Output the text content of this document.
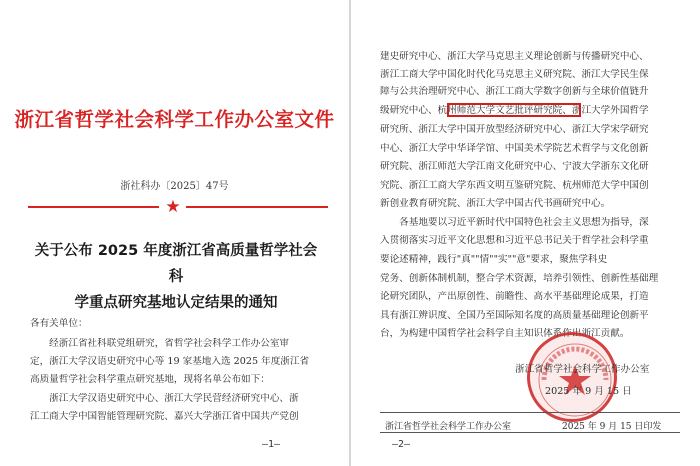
浙江省哲学社会科学工作办公室文件
浙社科办〔2025〕47号
★
关于公布 2025 年度浙江省高质量哲学社会科
学重点研究基地认定结果的通知
各有关单位：
　　经浙江省社科联党组研究，省哲学社会科学工作办公室审
定，浙江大学汉语史研究中心等 19 家基地入选 2025 年度浙江省
高质量哲学社会科学重点研究基地，现将名单公布如下：
　　浙江大学汉语史研究中心、浙江大学民营经济研究中心、浙
江工商大学中国智能管理研究院、嘉兴大学浙江省中国共产党创
—1—
建史研究中心、浙江大学马克思主义理论创新与传播研究中心、
浙江工商大学中国化时代化马克思主义研究院、浙江大学民生保
障与公共治理研究中心、浙江工商大学数字创新与全球价值链升
级研究中心、杭州师范大学文艺批评研究院、浙江大学外国哲学
研究所、浙江大学中国开放型经济研究中心、浙江大学宋学研究
中心、浙江大学中华译学馆、中国美术学院艺术哲学与文化创新
研究院、浙江师范大学江南文化研究中心、宁波大学浙东文化研
究院、浙江工商大学东西文明互鉴研究院、杭州师范大学中国创
新创业教育研究院、浙江大学中国古代书画研究中心。
　　各基地要以习近平新时代中国特色社会主义思想为指导，深
入贯彻落实习近平文化思想和习近平总书记关于哲学社会科学重
要论述精神，践行"真""情""实""意"要求，聚焦学科史
党务、创新体制机制，整合学术资源，培养引领性、创新性基础理
论研究团队，产出原创性、前瞻性、高水平基础理论成果，打造
具有浙江辨识度、全国乃至国际知名度的高质量基础理论创新平
台，为构建中国哲学社会科学自主知识体系作出浙江贡献。
浙江省哲学社会科学工作办公室
2025 年 9 月 15 日
浙江省哲学社会科学工作办公室	2025 年 9 月 15 日印发
—2—
